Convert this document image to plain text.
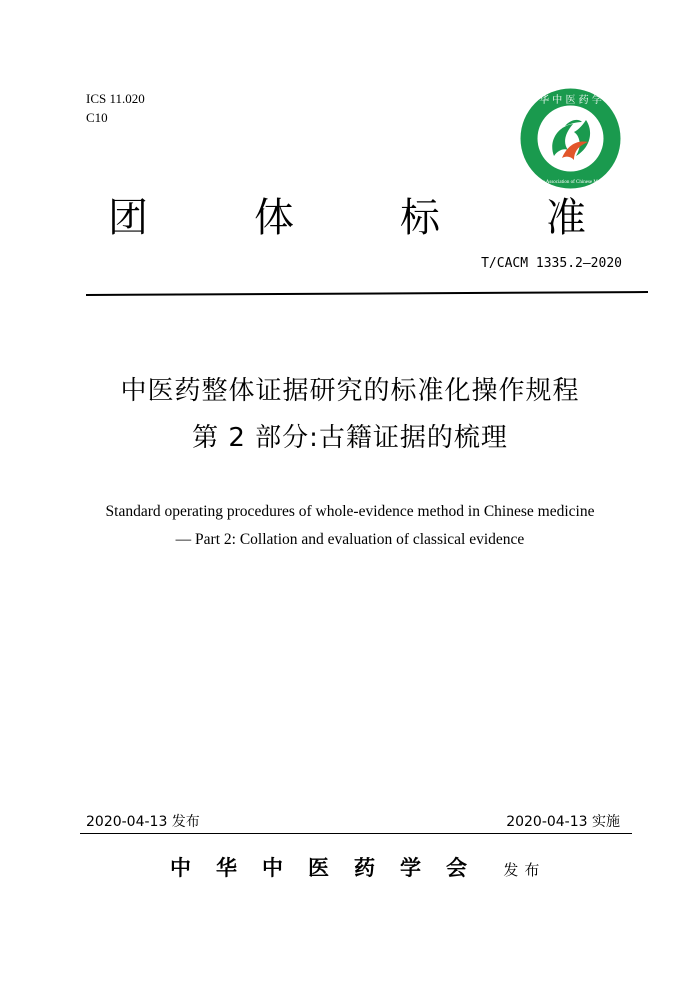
ICS 11.020
C10
中 华 中 医 药 学 会
Chinese Association of Chinese Medicine
团	体	标	准
T/CACM 1335.2—2020
中医药整体证据研究的标准化操作规程
第 2 部分:古籍证据的梳理
Standard operating procedures of whole-evidence method in Chinese medicine
— Part 2: Collation and evaluation of classical evidence
2020-04-13 发布	2020-04-13 实施
中 华 中 医 药 学 会 发布
